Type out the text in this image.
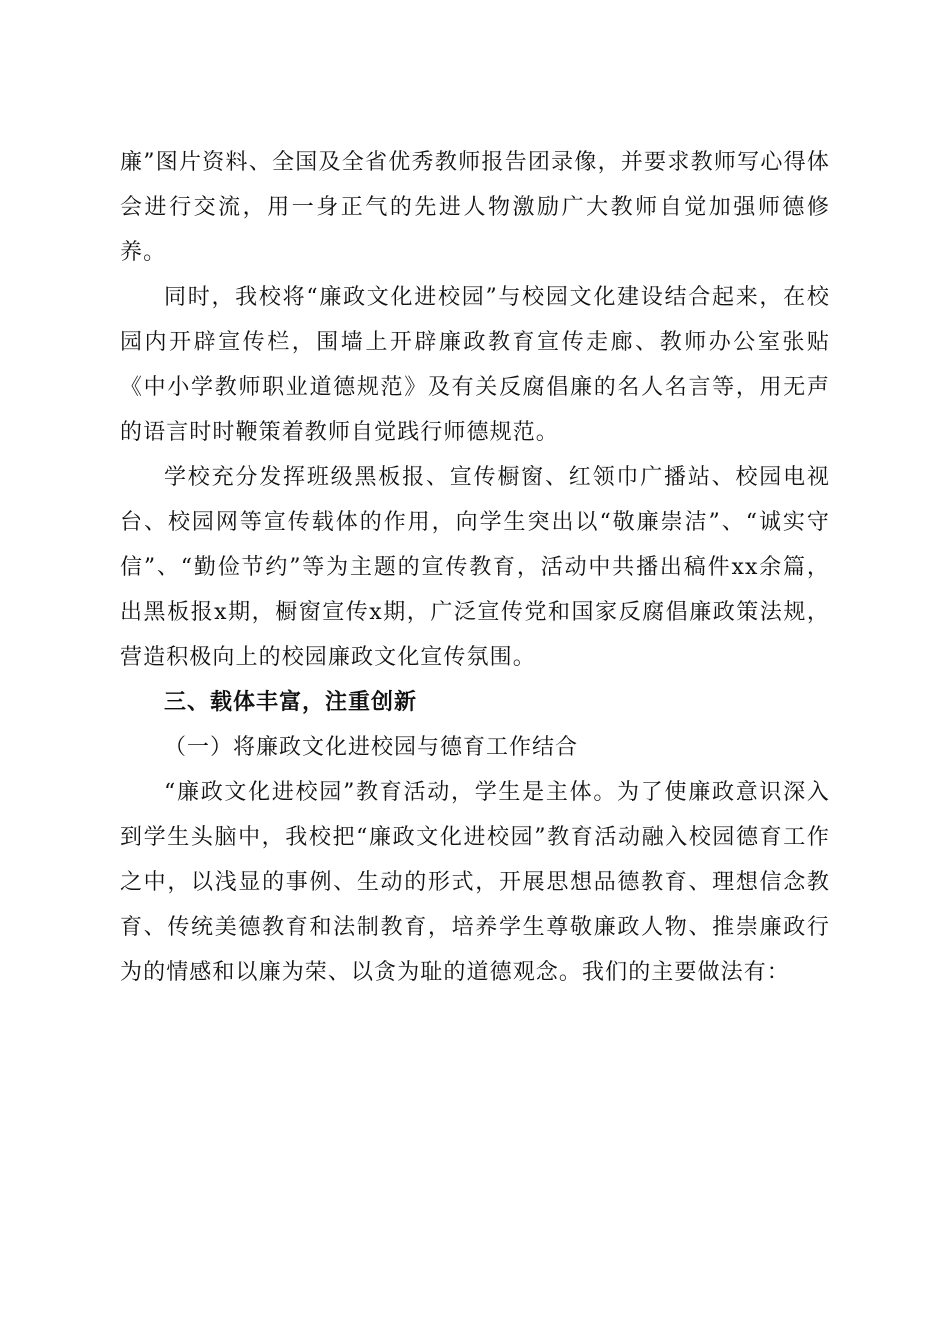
廉”图片资料、全国及全省优秀教师报告团录像，并要求教师写心得体会进行交流，用一身正气的先进人物激励广大教师自觉加强师德修养。

同时，我校将“廉政文化进校园”与校园文化建设结合起来，在校园内开辟宣传栏，围墙上开辟廉政教育宣传走廊、教师办公室张贴《中小学教师职业道德规范》及有关反腐倡廉的名人名言等，用无声的语言时时鞭策着教师自觉践行师德规范。

学校充分发挥班级黑板报、宣传橱窗、红领巾广播站、校园电视台、校园网等宣传载体的作用，向学生突出以“敬廉崇洁”、“诚实守信”、“勤俭节约”等为主题的宣传教育，活动中共播出稿件xx余篇，出黑板报x期，橱窗宣传x期，广泛宣传党和国家反腐倡廉政策法规，营造积极向上的校园廉政文化宣传氛围。

三、载体丰富，注重创新

（一）将廉政文化进校园与德育工作结合

“廉政文化进校园”教育活动，学生是主体。为了使廉政意识深入到学生头脑中，我校把“廉政文化进校园”教育活动融入校园德育工作之中，以浅显的事例、生动的形式，开展思想品德教育、理想信念教育、传统美德教育和法制教育，培养学生尊敬廉政人物、推崇廉政行为的情感和以廉为荣、以贪为耻的道德观念。我们的主要做法有：
